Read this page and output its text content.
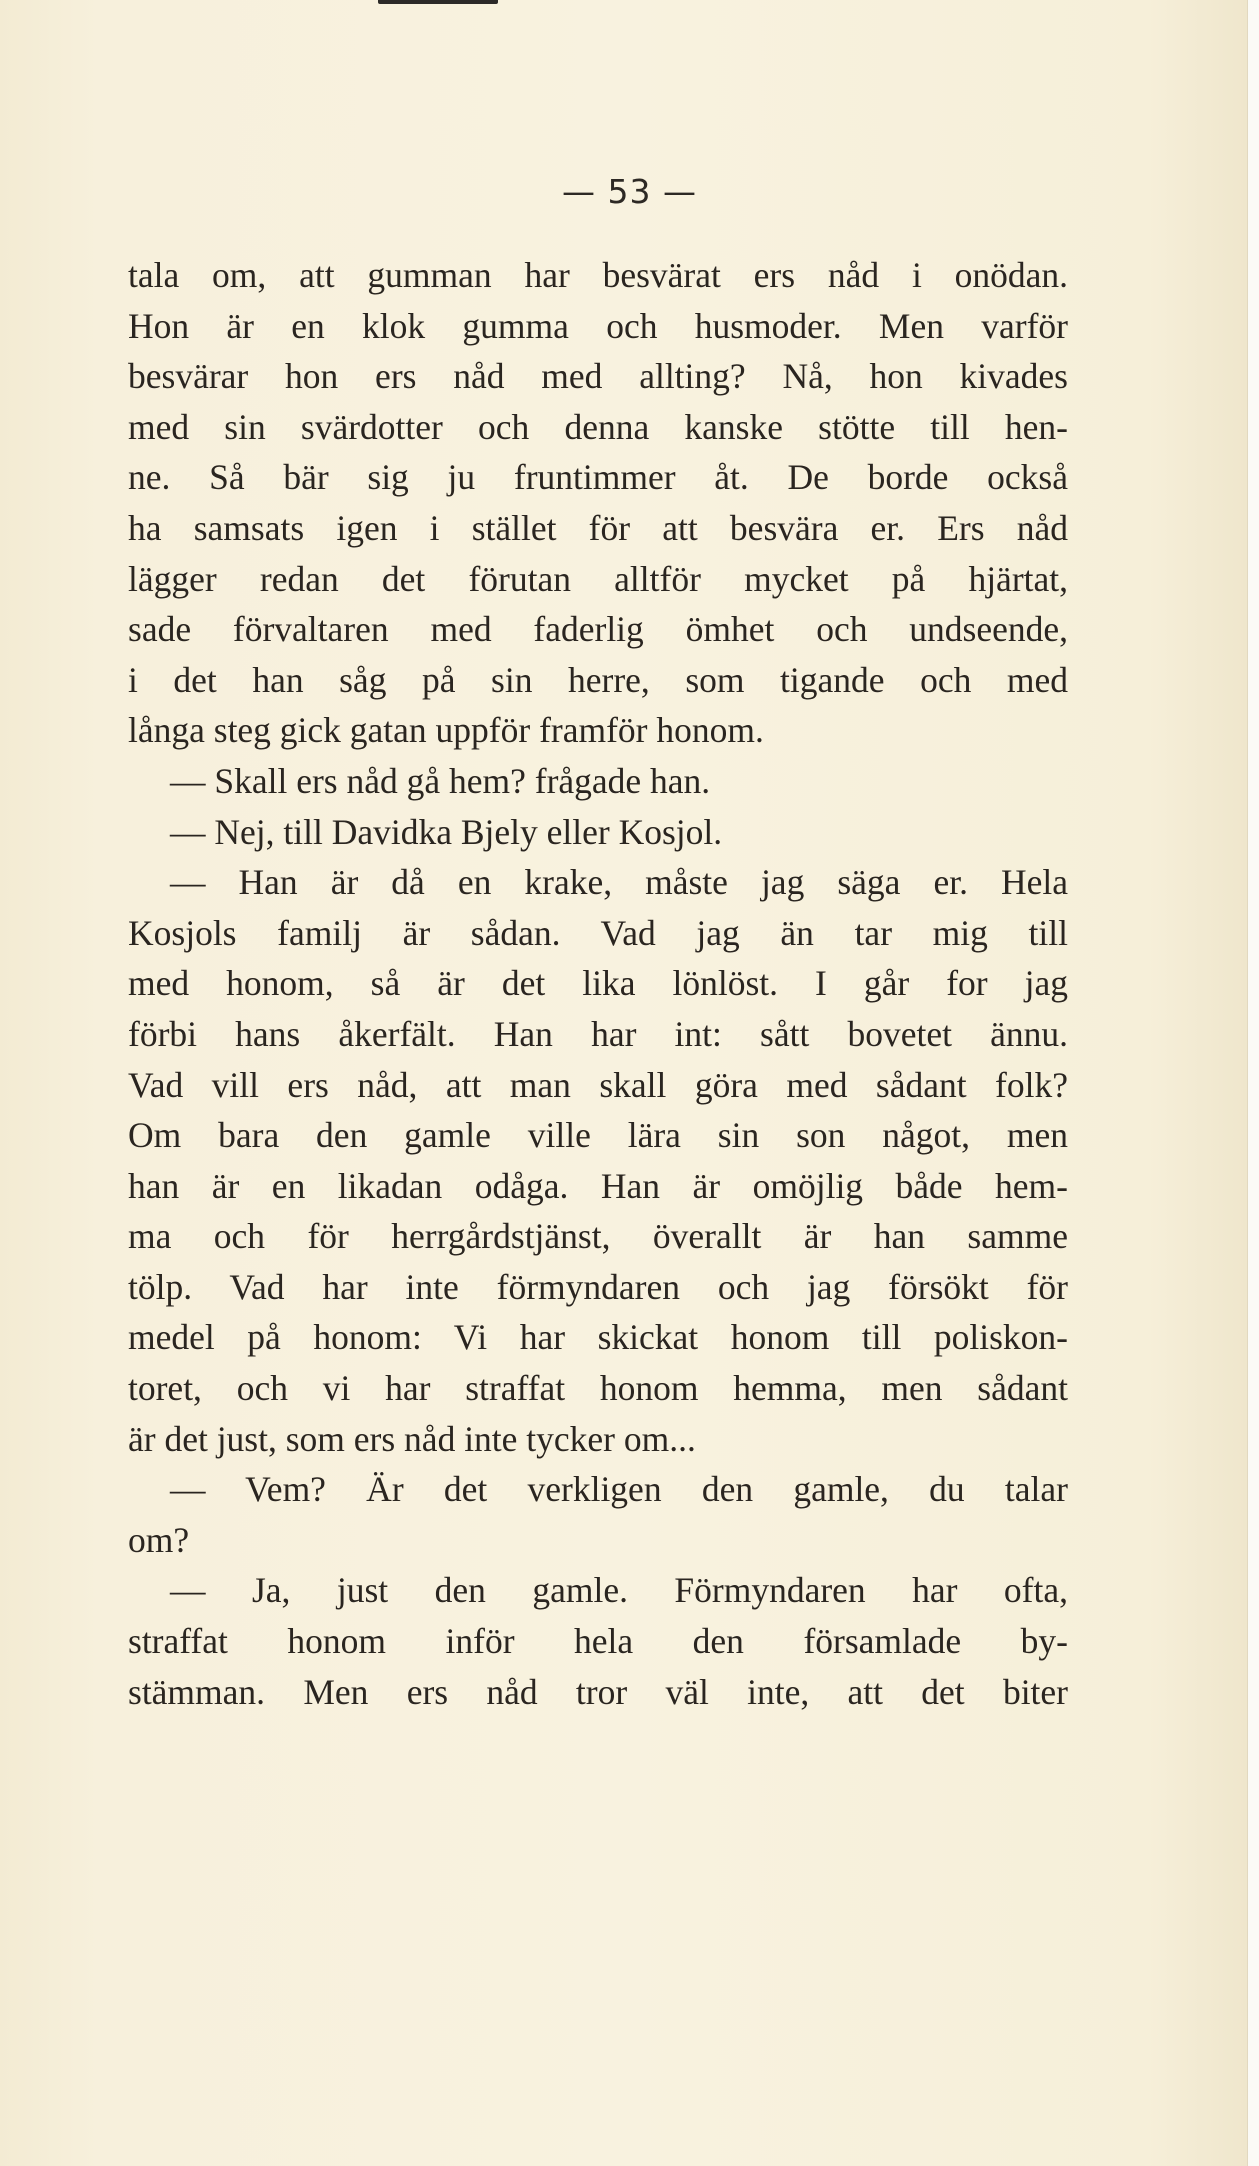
— 53 —
tala om, att gumman har besvärat ers nåd i onödan.
Hon är en klok gumma och husmoder. Men varför
besvärar hon ers nåd med allting? Nå, hon kivades
med sin svärdotter och denna kanske stötte till hen-
ne. Så bär sig ju fruntimmer åt. De borde också
ha samsats igen i stället för att besvära er. Ers nåd
lägger redan det förutan alltför mycket på hjärtat,
sade förvaltaren med faderlig ömhet och undseende,
i det han såg på sin herre, som tigande och med
långa steg gick gatan uppför framför honom.
— Skall ers nåd gå hem? frågade han.
— Nej, till Davidka Bjely eller Kosjol.
— Han är då en krake, måste jag säga er. Hela
Kosjols familj är sådan. Vad jag än tar mig till
med honom, så är det lika lönlöst. I går for jag
förbi hans åkerfält. Han har int: sått bovetet ännu.
Vad vill ers nåd, att man skall göra med sådant folk?
Om bara den gamle ville lära sin son något, men
han är en likadan odåga. Han är omöjlig både hem-
ma och för herrgårdstjänst, överallt är han samme
tölp. Vad har inte förmyndaren och jag försökt för
medel på honom: Vi har skickat honom till poliskon-
toret, och vi har straffat honom hemma, men sådant
är det just, som ers nåd inte tycker om...
— Vem? Är det verkligen den gamle, du talar
om?
— Ja, just den gamle. Förmyndaren har ofta,
straffat honom inför hela den församlade by-
stämman. Men ers nåd tror väl inte, att det biter
